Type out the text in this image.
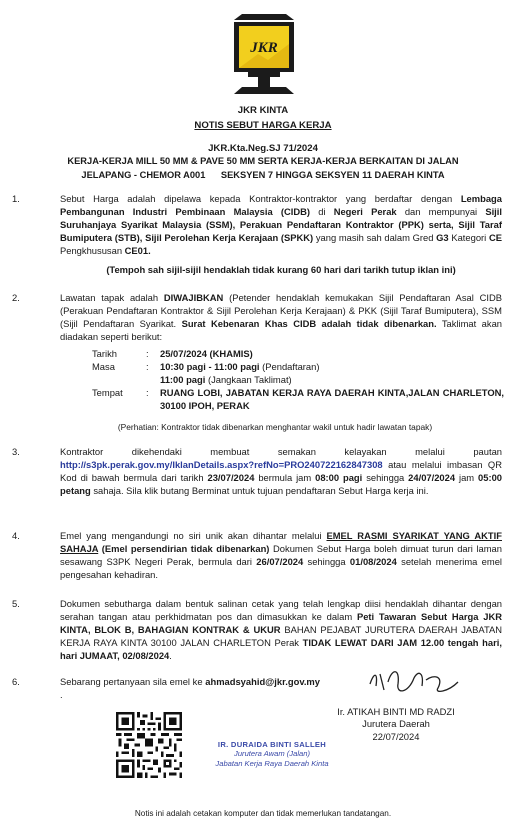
JKR
JKR KINTA
NOTIS SEBUT HARGA KERJA
JKR.Kta.Neg.SJ 71/2024
KERJA-KERJA MILL 50 MM & PAVE 50 MM SERTA KERJA-KERJA BERKAITAN DI JALAN
JELAPANG - CHEMOR A001 SEKSYEN 7 HINGGA SEKSYEN 11 DAERAH KINTA
1.	Sebut Harga adalah dipelawa kepada Kontraktor-kontraktor yang berdaftar dengan Lembaga Pembangunan Industri Pembinaan Malaysia (CIDB) di Negeri Perak dan mempunyai Sijil Suruhanjaya Syarikat Malaysia (SSM), Perakuan Pendaftaran Kontraktor (PPK) serta, Sijil Taraf Bumiputera (STB), Sijil Perolehan Kerja Kerajaan (SPKK) yang masih sah dalam Gred G3 Kategori CE Pengkhususan CE01.
(Tempoh sah sijil-sijil hendaklah tidak kurang 60 hari dari tarikh tutup iklan ini)
2.	Lawatan tapak adalah DIWAJIBKAN (Petender hendaklah kemukakan Sijil Pendaftaran Asal CIDB (Perakuan Pendaftaran Kontraktor & Sijil Perolehan Kerja Kerajaan) & PKK (Sijil Taraf Bumiputera), SSM (Sijil Pendaftaran Syarikat. Surat Kebenaran Khas CIDB adalah tidak dibenarkan. Taklimat akan diadakan seperti berikut:
Tarikh	:	25/07/2024 (KHAMIS)
Masa	:	10:30 pagi - 11:00 pagi (Pendaftaran)
		11:00 pagi (Jangkaan Taklimat)
Tempat	:	RUANG LOBI, JABATAN KERJA RAYA DAERAH KINTA,JALAN CHARLETON, 30100 IPOH, PERAK
(Perhatian: Kontraktor tidak dibenarkan menghantar wakil untuk hadir lawatan tapak)
3.	Kontraktor dikehendaki membuat semakan kelayakan melalui pautan http://s3pk.perak.gov.my/IklanDetails.aspx?refNo=PRO240722162847308 atau melalui imbasan QR Kod di bawah bermula dari tarikh 23/07/2024 bermula jam 08:00 pagi sehingga 24/07/2024 jam 05:00 petang sahaja. Sila klik butang Berminat untuk tujuan pendaftaran Sebut Harga kerja ini.
4.	Emel yang mengandungi no siri unik akan dihantar melalui EMEL RASMI SYARIKAT YANG AKTIF SAHAJA (Emel persendirian tidak dibenarkan) Dokumen Sebut Harga boleh dimuat turun dari laman sesawang S3PK Negeri Perak, bermula dari 26/07/2024 sehingga 01/08/2024 setelah menerima emel pengesahan kehadiran.
5.	Dokumen sebutharga dalam bentuk salinan cetak yang telah lengkap diisi hendaklah dihantar dengan serahan tangan atau perkhidmatan pos dan dimasukkan ke dalam Peti Tawaran Sebut Harga JKR KINTA, BLOK B, BAHAGIAN KONTRAK & UKUR BAHAN PEJABAT JURUTERA DAERAH JABATAN KERJA RAYA KINTA 30100 JALAN CHARLETON Perak TIDAK LEWAT DARI JAM 12.00 tengah hari, hari JUMAAT, 02/08/2024.
6.	Sebarang pertanyaan sila emel ke ahmadsyahid@jkr.gov.my .
Ir. ATIKAH BINTI MD RADZI
Jurutera Daerah
22/07/2024
IR. DURAIDA BINTI SALLEH
Jurutera Awam (Jalan)
Jabatan Kerja Raya Daerah Kinta
Notis ini adalah cetakan komputer dan tidak memerlukan tandatangan.
